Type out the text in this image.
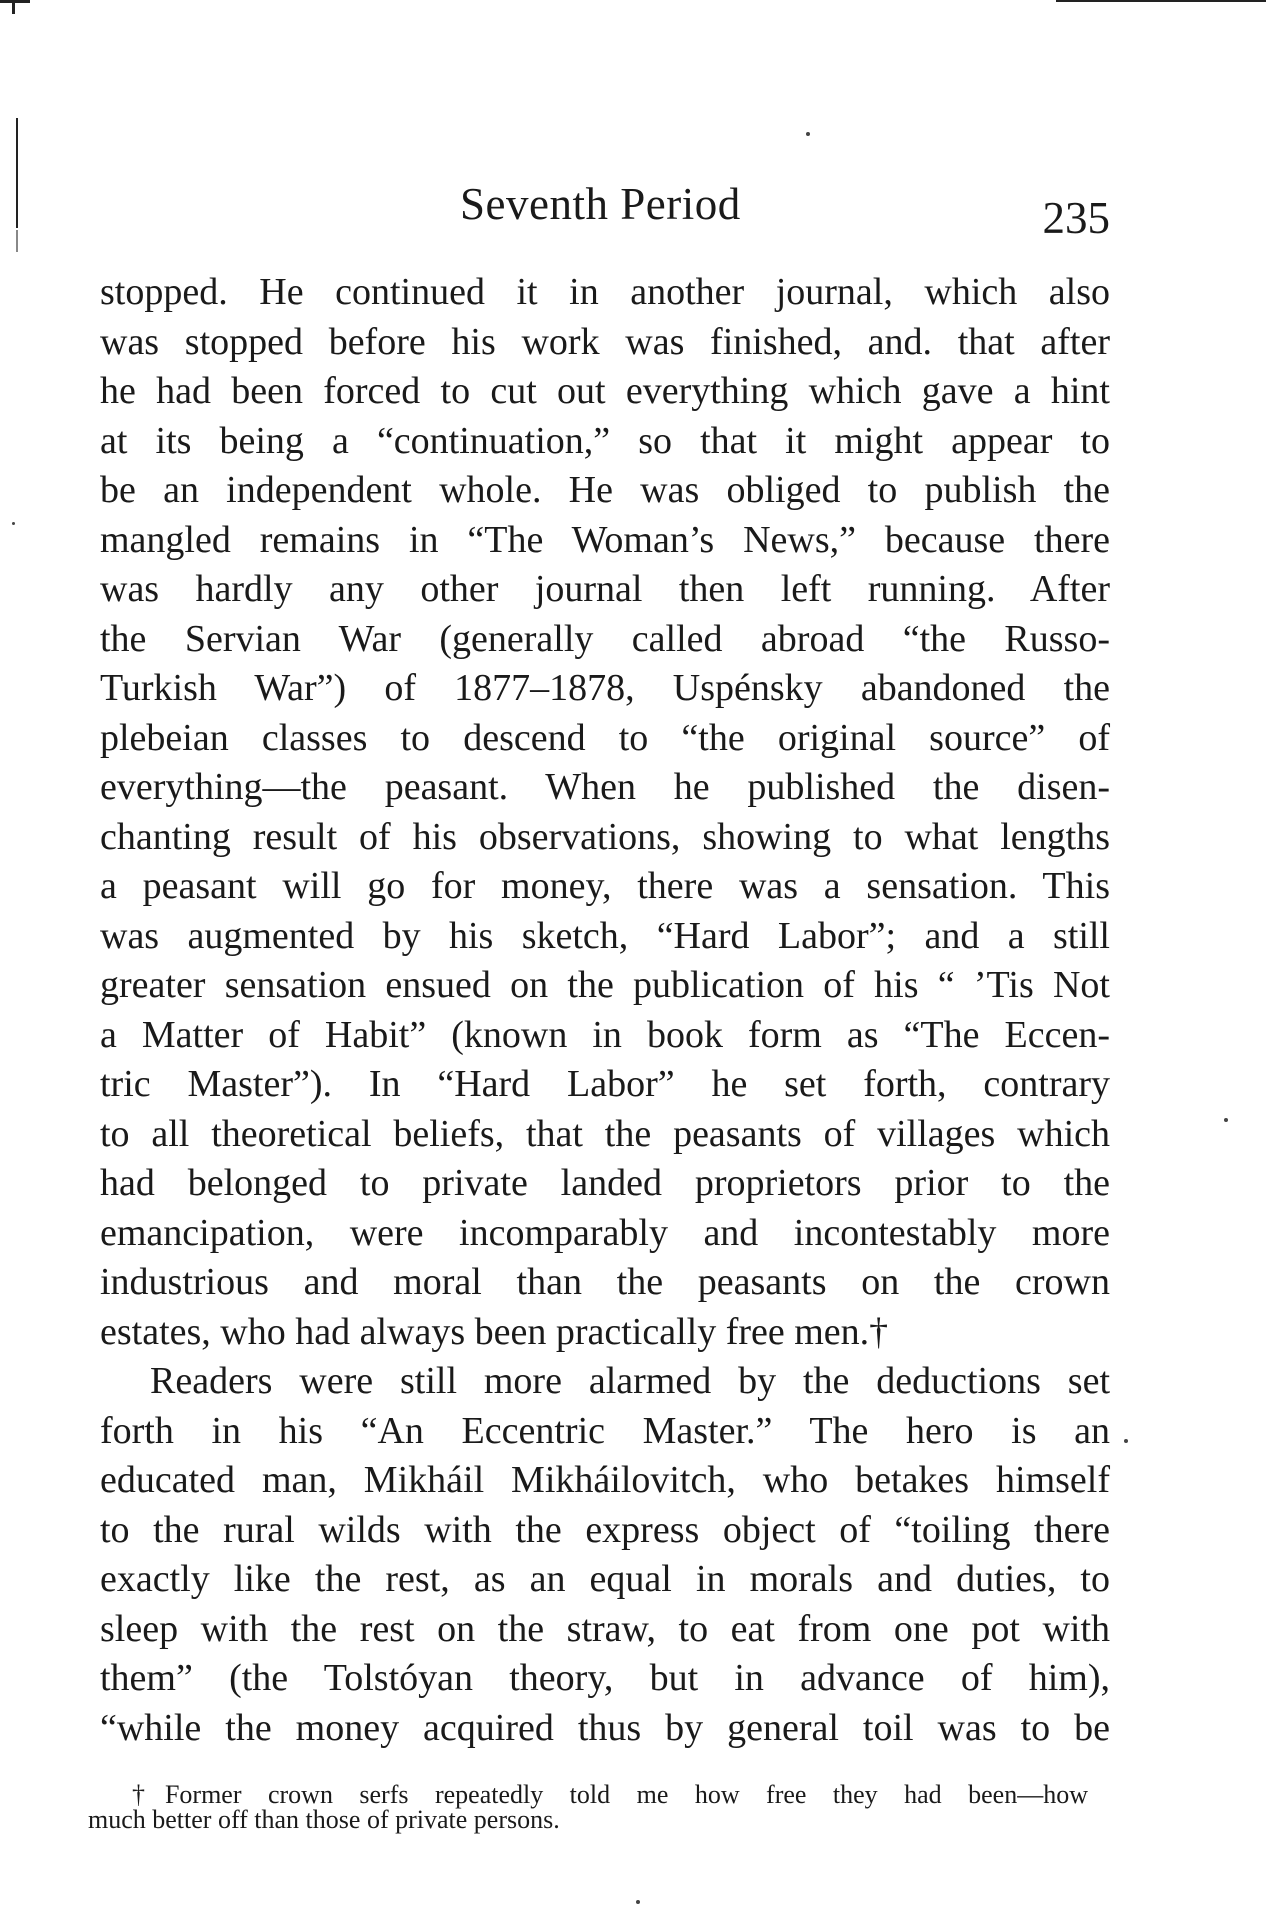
Seventh Period	235
stopped. He continued it in another journal, which also
was stopped before his work was finished, and. that after
he had been forced to cut out everything which gave a hint
at its being a “continuation,” so that it might appear to
be an independent whole. He was obliged to publish the
mangled remains in “The Woman’s News,” because there
was hardly any other journal then left running. After
the Servian War (generally called abroad “the Russo-
Turkish War”) of 1877–1878, Uspénsky abandoned the
plebeian classes to descend to “the original source” of
everything—the peasant. When he published the disen-
chanting result of his observations, showing to what lengths
a peasant will go for money, there was a sensation. This
was augmented by his sketch, “Hard Labor”; and a still
greater sensation ensued on the publication of his “ ’Tis Not
a Matter of Habit” (known in book form as “The Eccen-
tric Master”). In “Hard Labor” he set forth, contrary
to all theoretical beliefs, that the peasants of villages which
had belonged to private landed proprietors prior to the
emancipation, were incomparably and incontestably more
industrious and moral than the peasants on the crown
estates, who had always been practically free men.†
Readers were still more alarmed by the deductions set
forth in his “An Eccentric Master.” The hero is an
educated man, Mikháil Mikháilovitch, who betakes himself
to the rural wilds with the express object of “toiling there
exactly like the rest, as an equal in morals and duties, to
sleep with the rest on the straw, to eat from one pot with
them” (the Tolstóyan theory, but in advance of him),
“while the money acquired thus by general toil was to be
†Former crown serfs repeatedly told me how free they had been—how
much better off than those of private persons.
